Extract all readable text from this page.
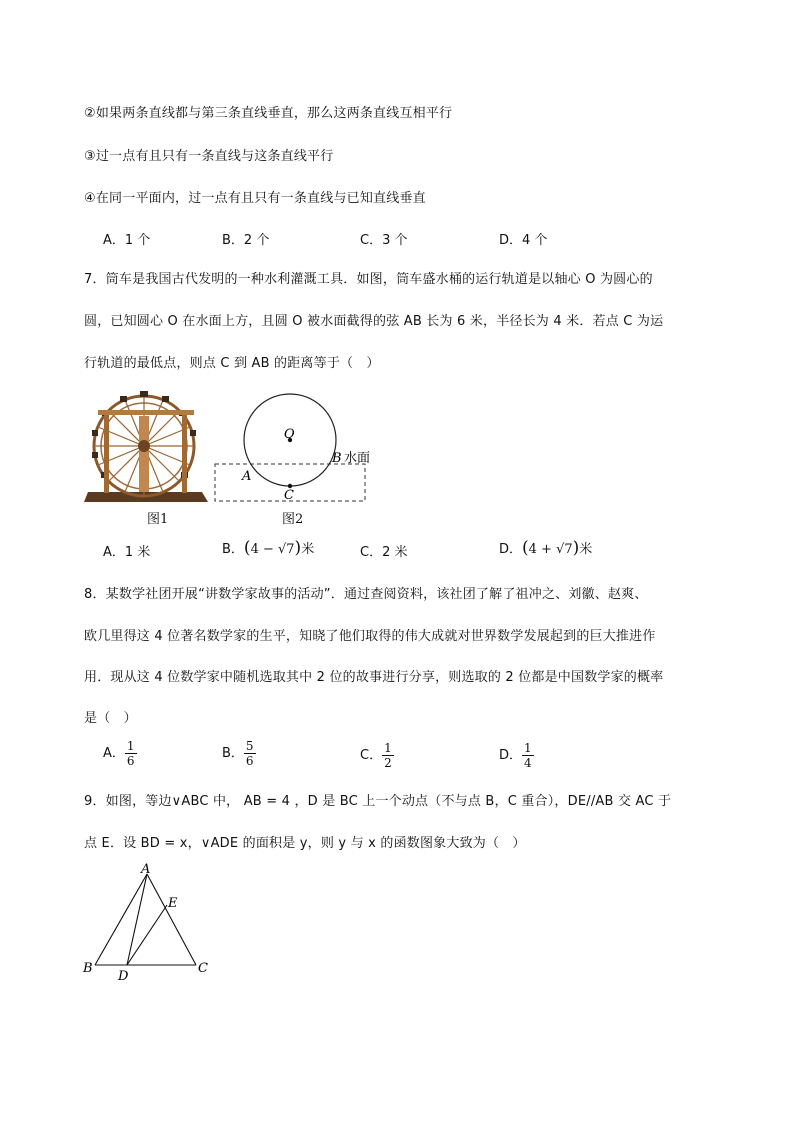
②如果两条直线都与第三条直线垂直，那么这两条直线互相平行
③过一点有且只有一条直线与这条直线平行
④在同一平面内，过一点有且只有一条直线与已知直线垂直
A．1 个	B．2 个	C．3 个	D．4 个
7．筒车是我国古代发明的一种水利灌溉工具．如图，筒车盛水桶的运行轨道是以轴心 O 为圆心的
圆，已知圆心 O 在水面上方，且圆 O 被水面截得的弦 AB 长为 6 米，半径长为 4 米．若点 C 为运
行轨道的最低点，则点 C 到 AB 的距离等于（　）
图1
O
A
B 水面
C
图2
A．1 米	B．(4 − √7)米	C．2 米	D．(4 + √7)米
8．某数学社团开展“讲数学家故事的活动”．通过查阅资料，该社团了解了祖冲之、刘徽、赵爽、
欧几里得这 4 位著名数学家的生平，知晓了他们取得的伟大成就对世界数学发展起到的巨大推进作
用．现从这 4 位数学家中随机选取其中 2 位的故事进行分享，则选取的 2 位都是中国数学家的概率
是（　）
A． $\frac{1}{6}$	B． $\frac{5}{6}$	C． $\frac{1}{2}$	D． $\frac{1}{4}$
9．如图，等边∨ABC 中， AB = 4 ，D 是 BC 上一个动点（不与点 B，C 重合），DE//AB 交 AC 于
点 E．设 BD = x，∨ADE 的面积是 y，则 y 与 x 的函数图象大致为（　）
A
E
B
D
C
